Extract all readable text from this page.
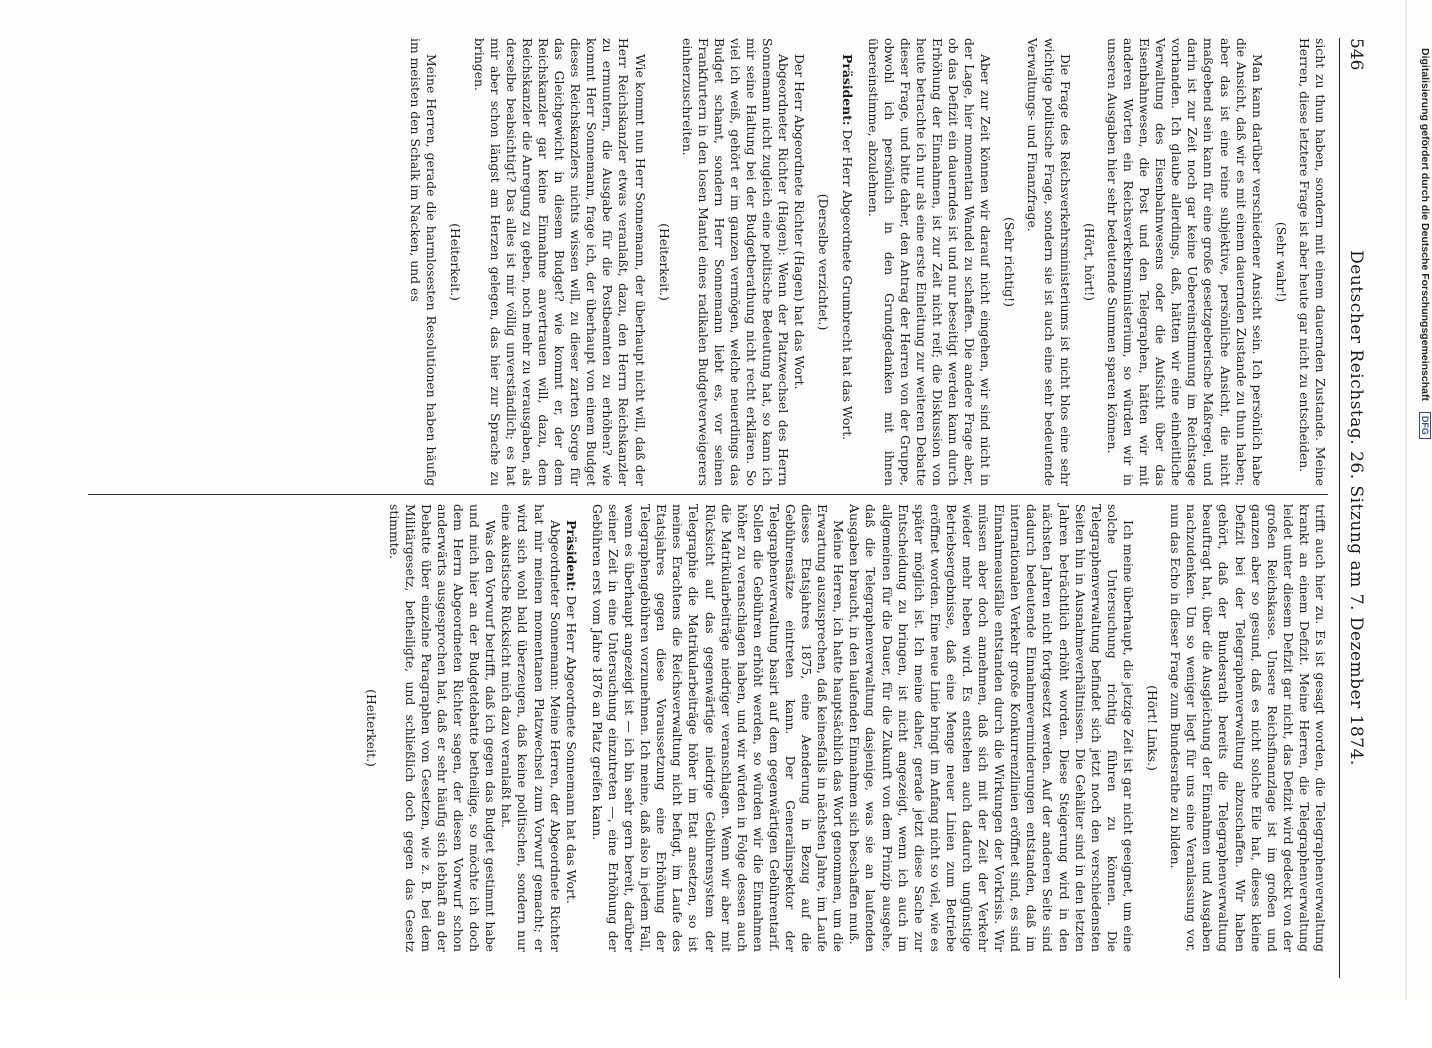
546
Deutscher Reichstag. 26. Sitzung am 7. Dezember 1874.

sicht zu thun haben, sondern mit einem dauernden Zustande. Meine Herren, diese letztere Frage ist aber heute gar nicht zu entscheiden.

(Sehr wahr!)

Man kann darüber verschiedener Ansicht sein. Ich persönlich habe die Ansicht, daß wir es mit einem dauernden Zustande zu thun haben; aber das ist eine reine subjektive, persönliche Ansicht, die nicht maßgebend sein kann für eine große gesetzgeberische Maßregel, und darin ist zur Zeit noch gar keine Uebereinstimmung im Reichstage vorhanden. Ich glaube allerdings, daß, hätten wir eine einheitliche Verwaltung des Eisenbahnwesens oder die Aufsicht über das Eisenbahnwesen, die Post und den Telegraphen, hätten wir mit anderen Worten ein Reichsverkehrsministerium, so würden wir in unseren Ausgaben hier sehr bedeutende Summen sparen können.

(Hört, hört!)

Die Frage des Reichsverkehrsministeriums ist nicht blos eine sehr wichtige politische Frage, sondern sie ist auch eine sehr bedeutende Verwaltungs- und Finanzfrage.

(Sehr richtig!)

Aber zur Zeit können wir darauf nicht eingehen, wir sind nicht in der Lage, hier momentan Wandel zu schaffen. Die andere Frage aber, ob das Defizit ein dauerndes ist und nur beseitigt werden kann durch Erhöhung der Einnahmen, ist zur Zeit nicht reif; die Diskussion von heute betrachte ich nur als eine erste Einleitung zur weiteren Debatte dieser Frage, und bitte daher, den Antrag der Herren von der Gruppe, obwohl ich persönlich in den Grundgedanken mit ihnen übereinstimme, abzulehnen.

Präsident: Der Herr Abgeordnete Grumbrecht hat das Wort.

(Derselbe verzichtet.)

Der Herr Abgeordnete Richter (Hagen) hat das Wort.

Abgeordneter Richter (Hagen): Wenn der Platzwechsel des Herrn Sonnemann nicht zugleich eine politische Bedeutung hat, so kann ich mir seine Haltung bei der Budgetberathung nicht recht erklären. So viel ich weiß, gehört er im ganzen vermögen, welche neuerdings das Budget schamt, sondern Herr Sonnemann liebt es, vor seinen Frankfurtern in den losen Mantel eines radikalen Budgetverweigerers einherzuschreiten.

(Heiterkeit.)

Wie kommt nun Herr Sonnemann, der überhaupt nicht will, daß der Herr Reichskanzler etwas veranlaßt, dazu, den Herrn Reichskanzler zu ermuntern, die Ausgabe für die Postbeamten zu erhöhen? wie kommt Herr Sonnemann, frage ich, der überhaupt von einem Budget dieses Reichskanzlers nichts wissen will, zu dieser zarten Sorge für das Gleichgewicht in diesem Budget? wie kommt er, der dem Reichskanzler gar keine Einnahme anvertrauen will, dazu, dem Reichskanzler die Anregung zu geben, noch mehr zu verausgaben, als derselbe beabsichtigt? Das alles ist mir völlig unverständlich; es hat mir aber schon längst am Herzen gelegen, das hier zur Sprache zu bringen.

(Heiterkeit.)

Meine Herren, gerade die harmlosesten Resolutionen haben häufig im meisten den Schalk im Nacken, und es

trifft auch hier zu. Es ist gesagt worden, die Telegraphenverwaltung krankt an einem Defizit. Meine Herren, die Telegraphenverwaltung leidet unter diesem Defizit gar nicht, das Defizit wird gedeckt von der großen Reichskasse. Unsere Reichsfinanzlage ist im großen und ganzen aber so gesund, daß es nicht solche Eile hat, dieses kleine Defizit bei der Telegraphenverwaltung abzuschaffen. Wir haben gehört, daß der Bundesrath bereits die Telegraphenverwaltung beauftragt hat, über die Ausgleichung der Einnahmen und Ausgaben nachzudenken. Um so weniger liegt für uns eine Veranlassung vor, nun das Echo in dieser Frage zum Bundesrathe zu bilden.

(Hört! Links.)

Ich meine überhaupt, die jetzige Zeit ist gar nicht geeignet, um eine solche Untersuchung richtig führen zu können. Die Telegraphenverwaltung befindet sich jetzt noch den verschiedensten Seiten hin in Ausnahmeverhältnissen. Die Gehälter sind in den letzten Jahren beträchtlich erhöht worden. Diese Steigerung wird in den nächsten Jahren nicht fortgesetzt werden. Auf der anderen Seite sind dadurch bedeutende Einnahmeverminderungen entstanden, daß im internationalen Verkehr große Konkurrenzlinien eröffnet sind, es sind Einnahmeausfälle entstanden durch die Wirkungen der Vorkrisis. Wir müssen aber doch annehmen, daß sich mit der Zeit der Verkehr wieder mehr heben wird. Es entstehen auch dadurch ungünstige Betriebsergebnisse, daß eine Menge neuer Linien zum Betriebe eröffnet worden. Eine neue Linie bringt im Anfang nicht so viel, wie es später möglich ist. Ich meine daher, gerade jetzt diese Sache zur Entscheidung zu bringen, ist nicht angezeigt, wenn ich auch im allgemeinen für die Dauer, für die Zukunft von dem Prinzip ausgehe, daß die Telegraphenverwaltung dasjenige, was sie an laufenden Ausgaben braucht, in den laufenden Einnahmen sich beschaffen muß.

Meine Herren, ich hatte hauptsächlich das Wort genommen, um die Erwartung auszusprechen, daß keinesfalls in nächsten Jahre, im Laufe dieses Etatsjahres 1875, eine Aenderung in Bezug auf die Gebührensätze eintreten kann. Der Generalinspektor der Telegraphenverwaltung basirt auf dem gegenwärtigen Gebührentarif. Sollen die Gebühren erhöht werden, so würden wir die Einnahmen höher zu veranschlagen haben, und wir würden in Folge dessen auch die Matrikularbeiträge niedriger veranschlagen. Wenn wir aber mit Rücksicht auf das gegenwärtige niedrige Gebührensystem der Telegraphie die Matrikularbeiträge höher im Etat ansetzen, so ist meines Erachtens die Reichsverwaltung nicht befugt, im Laufe des Etatsjahres gegen diese Voraussetzung eine Erhöhung der Telegraphengebühren vorzunehmen. Ich meine, daß also in jedem Fall, wenn es überhaupt angezeigt ist — ich bin sehr gern bereit, darüber seiner Zeit in eine Untersuchung einzutreten —, eine Erhöhung der Gebühren erst vom Jahre 1876 an Platz greifen kann.

Präsident: Der Herr Abgeordnete Sonnemann hat das Wort.

Abgeordneter Sonnemann: Meine Herren, der Abgeordnete Richter hat mir meinen momentanen Platzwechsel zum Vorwurf gemacht; er wird sich wohl bald überzeugen, daß keine politischen, sondern nur eine akustische Rücksicht mich dazu veranlaßt hat.

Was den Vorwurf betrifft, daß ich gegen das Budget gestimmt habe und mich hier an der Budgetdebatte betheilige, so möchte ich doch dem Herrn Abgeordneten Richter sagen, der diesen Vorwurf schon anderwärts ausgesprochen hat, daß er sehr häufig sich lebhaft an der Debatte über einzelne Paragraphen von Gesetzen, wie z. B. bei dem Militärgesetz, betheiligte, und schließlich doch gegen das Gesetz stimmte.

(Heiterkeit.)

Digitalisierung gefördert durch die Deutsche Forschungsgemeinschaft DFG
